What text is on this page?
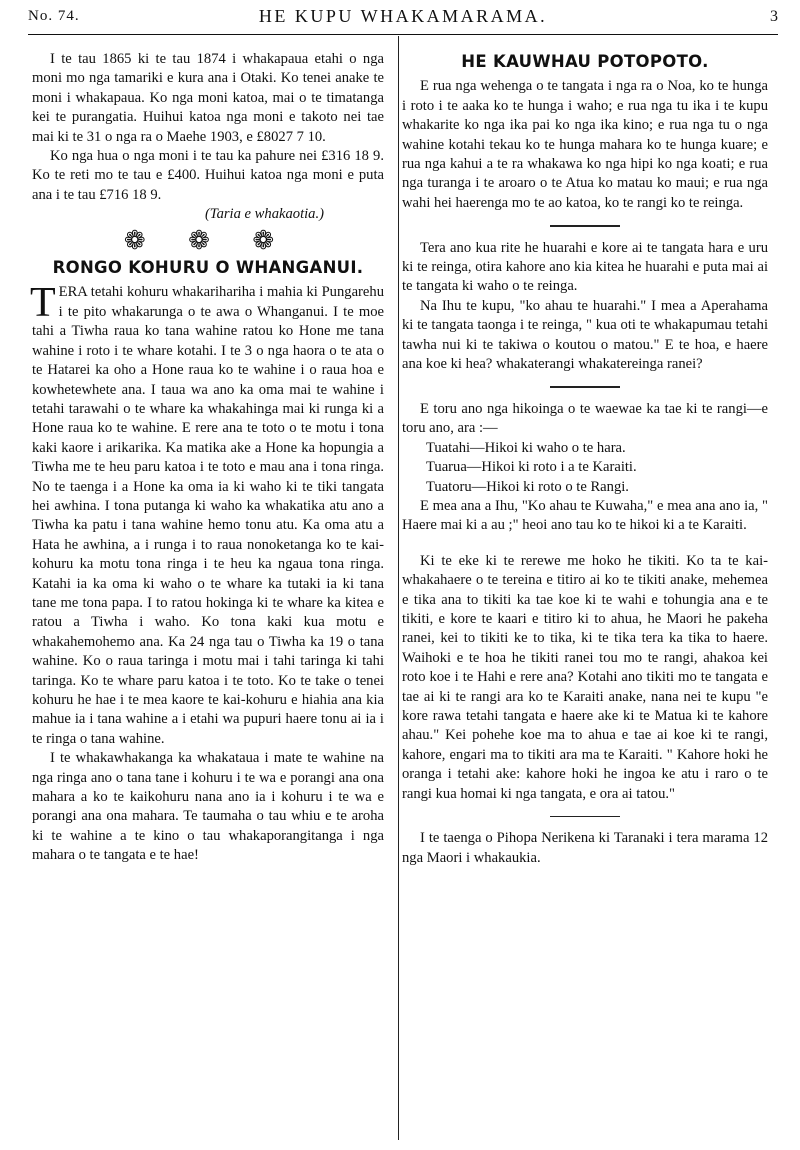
No. 74.	HE KUPU WHAKAMARAMA.	3

I te tau 1865 ki te tau 1874 i whakapaua etahi o nga moni mo nga tamariki e kura ana i Otaki. Ko tenei anake te moni i whakapaua. Ko nga moni katoa, mai o te timatanga kei te purangatia. Huihui katoa nga moni e takoto nei tae mai ki te 31 o nga ra o Maehe 1903, e £8027 7 10.

Ko nga hua o nga moni i te tau ka pahure nei £316 18 9. Ko te reti mo te tau e £400. Huihui katoa nga moni e puta ana i te tau £716 18 9.

(Taria e whakaotia.)

❁ ❁ ❁
RONGO KOHURU O WHANGANUI.

TERA tetahi kohuru whakarihariha i mahia ki Pungarehu i te pito whakarunga o te awa o Whanganui. I te moe tahi a Tiwha raua ko tana wahine ratou ko Hone me tana wahine i roto i te whare kotahi. I te 3 o nga haora o te ata o te Hatarei ka oho a Hone raua ko te wahine i o raua hoa e kowhetewhete ana. I taua wa ano ka oma mai te wahine i tetahi tarawahi o te whare ka whakahinga mai ki runga ki a Hone raua ko te wahine. E rere ana te toto o te motu i tona kaki kaore i arikarika. Ka matika ake a Hone ka hopungia a Tiwha me te heu paru katoa i te toto e mau ana i tona ringa. No te taenga i a Hone ka oma ia ki waho ki te tiki tangata hei awhina. I tona putanga ki waho ka whakatika atu ano a Tiwha ka patu i tana wahine hemo tonu atu. Ka oma atu a Hata he awhina, a i runga i to raua nonoketanga ko te kai-kohuru ka motu tona ringa i te heu ka ngaua tona ringa. Katahi ia ka oma ki waho o te whare ka tutaki ia ki tana tane me tona papa. I to ratou hokinga ki te whare ka kitea e ratou a Tiwha i waho. Ko tona kaki kua motu e whakahemohemo ana. Ka 24 nga tau o Tiwha ka 19 o tana wahine. Ko o raua taringa i motu mai i tahi taringa ki tahi taringa. Ko te whare paru katoa i te toto. Ko te take o tenei kohuru he hae i te mea kaore te kai-kohuru e hiahia ana kia mahue ia i tana wahine a i etahi wa pupuri haere tonu ai ia i te ringa o tana wahine.

I te whakawhakanga ka whakataua i mate te wahine na nga ringa ano o tana tane i kohuru i te wa e porangi ana ona mahara a ko te kaikohuru nana ano ia i kohuru i te wa e porangi ana ona mahara. Te taumaha o tau whiu e te aroha ki te wahine a te kino o tau whakaporangitanga i nga mahara o te tangata e te hae!

HE KAUWHAU POTOPOTO.

E rua nga wehenga o te tangata i nga ra o Noa, ko te hunga i roto i te aaka ko te hunga i waho; e rua nga tu ika i te kupu whakarite ko nga ika pai ko nga ika kino; e rua nga tu o nga wahine kotahi tekau ko te hunga mahara ko te hunga kuare; e rua nga kahui a te ra whakawa ko nga hipi ko nga koati; e rua nga turanga i te aroaro o te Atua ko matau ko maui; e rua nga wahi hei haerenga mo te ao katoa, ko te rangi ko te reinga.

Tera ano kua rite he huarahi e kore ai te tangata hara e uru ki te reinga, otira kahore ano kia kitea he huarahi e puta mai ai te tangata ki waho o te reinga.

Na Ihu te kupu, "ko ahau te huarahi." I mea a Aperahama ki te tangata taonga i te reinga, " kua oti te whakapumau tetahi tawha nui ki te takiwa o koutou o matou." E te hoa, e haere ana koe ki hea? whakaterangi whakatereinga ranei?

E toru ano nga hikoinga o te waewae ka tae ki te rangi—e toru ano, ara :—

Tuatahi—Hikoi ki waho o te hara.

Tuarua—Hikoi ki roto i a te Karaiti.

Tuatoru—Hikoi ki roto o te Rangi.

E mea ana a Ihu, "Ko ahau te Kuwaha," e mea ana ano ia, " Haere mai ki a au ;" heoi ano tau ko te hikoi ki a te Karaiti.

Ki te eke ki te rerewe me hoko he tikiti. Ko ta te kai-whakahaere o te tereina e titiro ai ko te tikiti anake, mehemea e tika ana to tikiti ka tae koe ki te wahi e tohungia ana e te tikiti, e kore te kaari e titiro ki to ahua, he Maori he pakeha ranei, kei to tikiti ke to tika, ki te tika tera ka tika to haere. Waihoki e te hoa he tikiti ranei tou mo te rangi, ahakoa kei roto koe i te Hahi e rere ana? Kotahi ano tikiti mo te tangata e tae ai ki te rangi ara ko te Karaiti anake, nana nei te kupu "e kore rawa tetahi tangata e haere ake ki te Matua ki te kahore ahau." Kei pohehe koe ma to ahua e tae ai koe ki te rangi, kahore, engari ma to tikiti ara ma te Karaiti. " Kahore hoki he oranga i tetahi ake: kahore hoki he ingoa ke atu i raro o te rangi kua homai ki nga tangata, e ora ai tatou."

I te taenga o Pihopa Nerikena ki Taranaki i tera marama 12 nga Maori i whakaukia.
